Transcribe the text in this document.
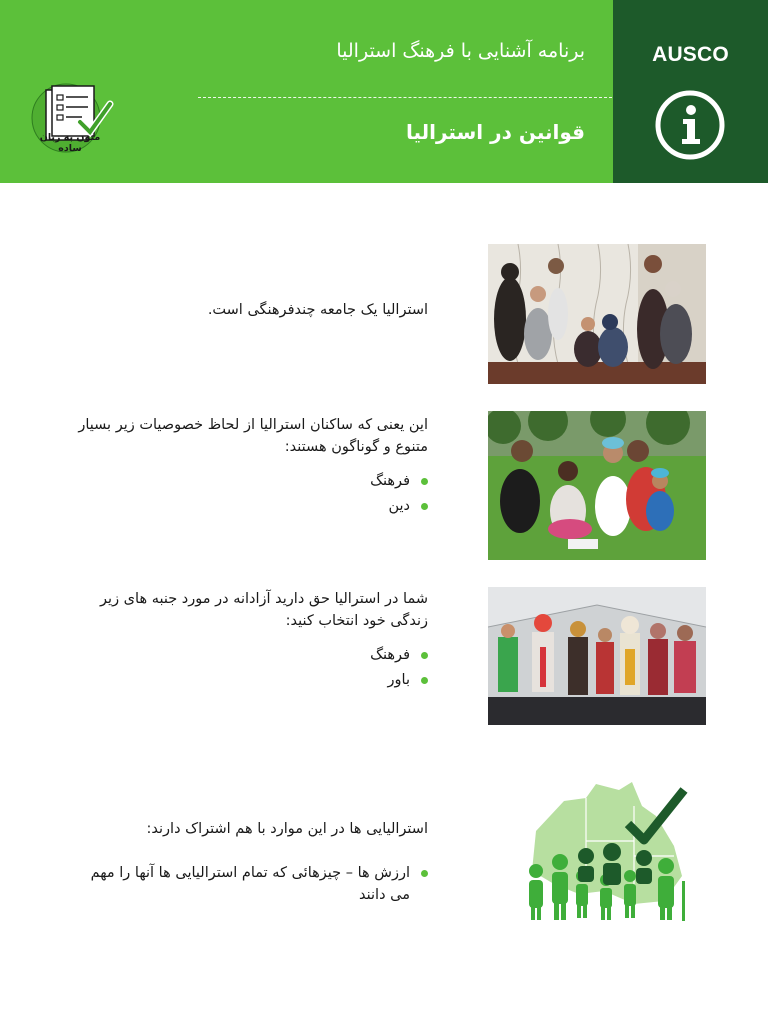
متون به زبان ساده
برنامه آشنایی با فرهنگ استرالیا
قوانین در استرالیا
AUSCO

استرالیا یک جامعه چندفرهنگی است.

این یعنی که ساکنان استرالیا از لحاظ خصوصیات زیر بسیار متنوع و گوناگون هستند:

فرهنگ
دین

شما در استرالیا حق دارید آزادانه در مورد جنبه های زیر زندگی خود انتخاب کنید:

فرهنگ
باور

استرالیایی ها در این موارد با هم اشتراک دارند:

ارزش ها – چیزهائی که تمام استرالیایی ها آنها را مهم می دانند
